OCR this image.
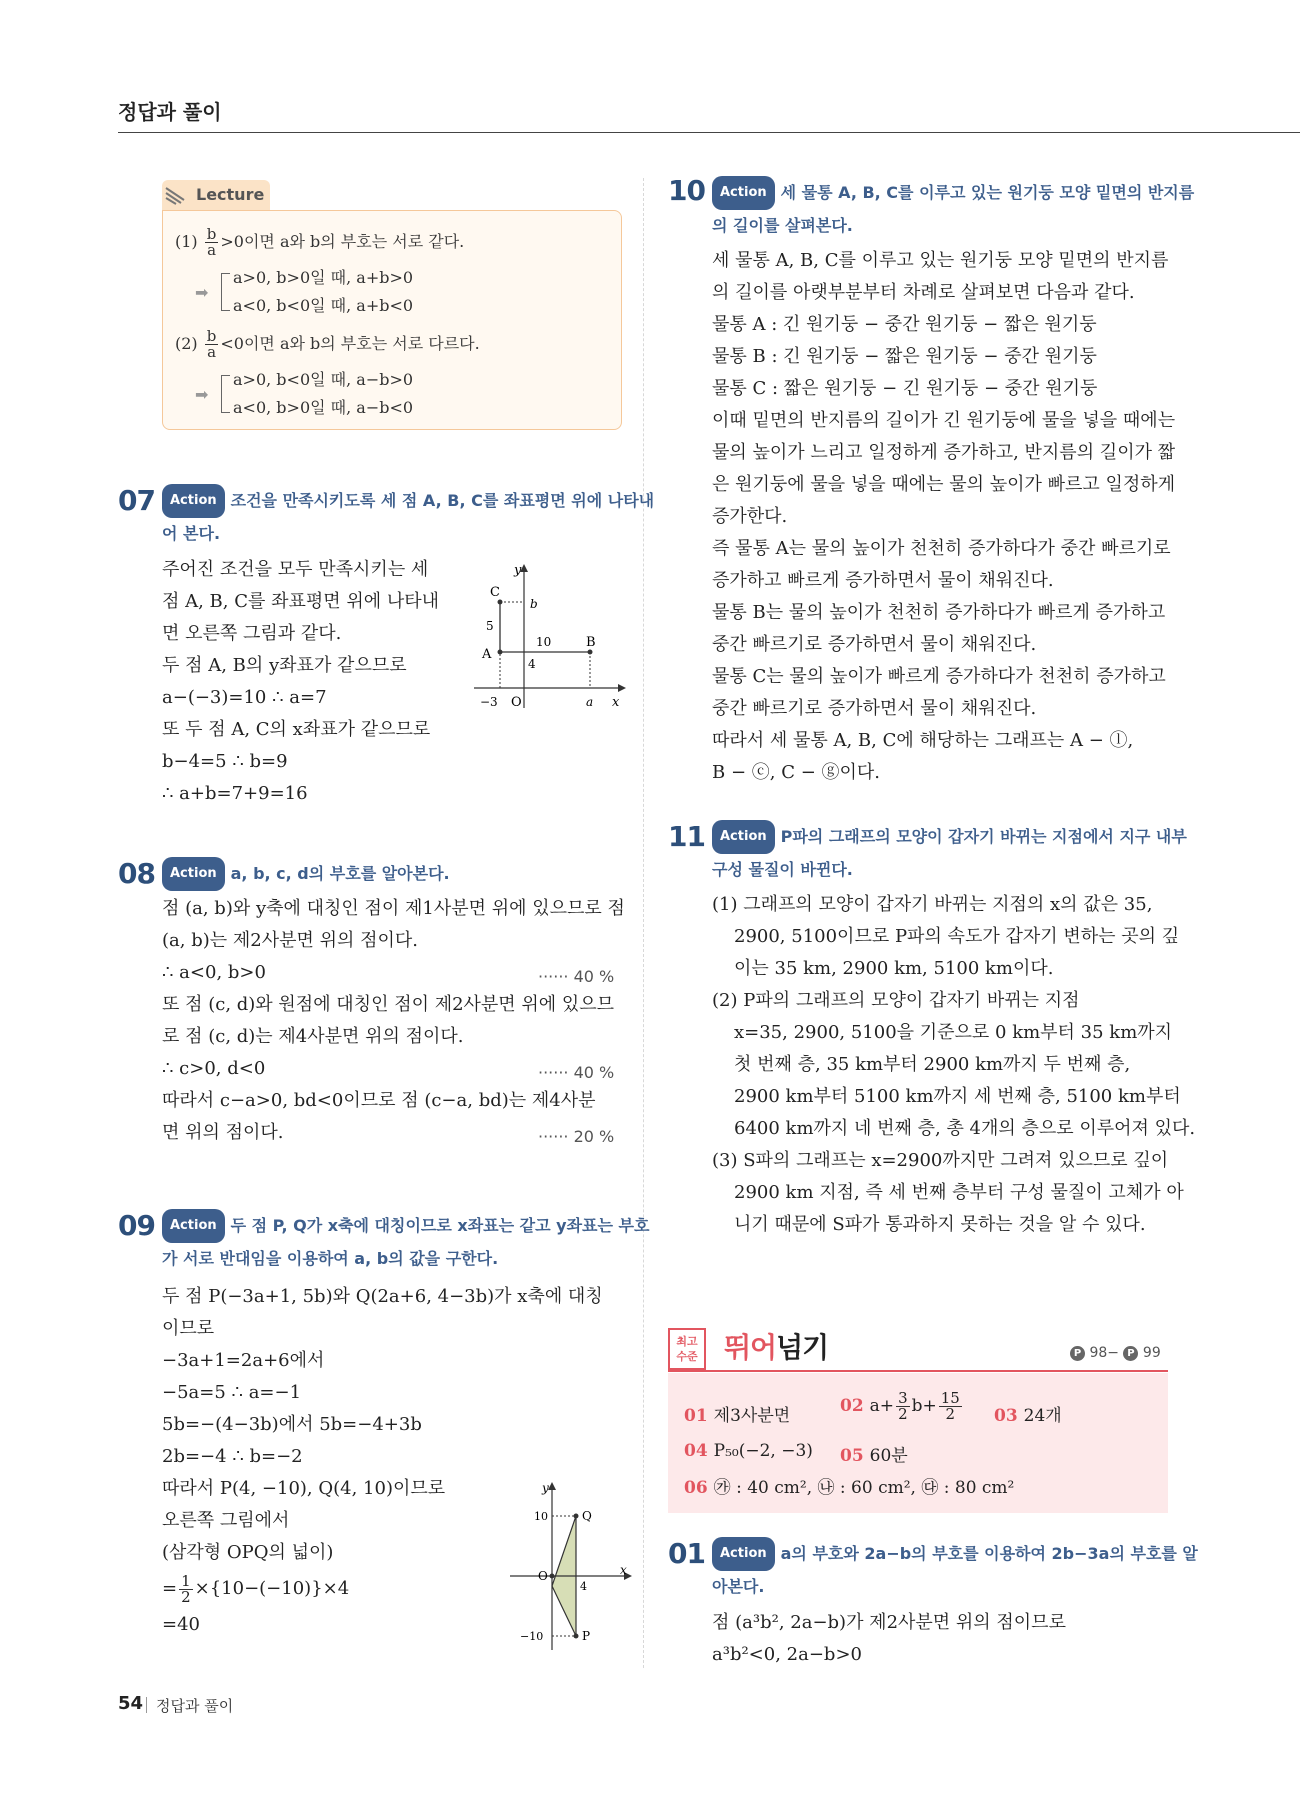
정답과 풀이
Lecture
$(1) \frac{b}{a} >0$이면 a와 b의 부호는 서로 같다.
➡
a>0, b>0일 때, a+b>0
a<0, b<0일 때, a+b<0
$(2) \frac{b}{a} <0$이면 a와 b의 부호는 서로 다르다.
➡
a>0, b<0일 때, a−b>0
a<0, b>0일 때, a−b<0
07	Action 조건을 만족시키도록 세 점 A, B, C를 좌표평면 위에 나타내
어 본다.
주어진 조건을 모두 만족시키는 세
점 A, B, C를 좌표평면 위에 나타내
면 오른쪽 그림과 같다.
두 점 A, B의 y좌표가 같으므로
a−(−3)=10 ∴ a=7
또 두 점 A, C의 x좌표가 같으므로
b−4=5 ∴ b=9
∴ a+b=7+9=16
y
x
O
C
A
B
b
5
10
4
−3	a
08	Action a, b, c, d의 부호를 알아본다.
점 (a, b)와 y축에 대칭인 점이 제1사분면 위에 있으므로 점
(a, b)는 제2사분면 위의 점이다.
∴ a<0, b>0
또 점 (c, d)와 원점에 대칭인 점이 제2사분면 위에 있으므
로 점 (c, d)는 제4사분면 위의 점이다.
∴ c>0, d<0
따라서 c−a>0, bd<0이므로 점 (c−a, bd)는 제4사분
면 위의 점이다.
······ 40 %
······ 40 %
······ 20 %
09	Action 두 점 P, Q가 x축에 대칭이므로 x좌표는 같고 y좌표는 부호
가 서로 반대임을 이용하여 a, b의 값을 구한다.
두 점 P(−3a+1, 5b)와 Q(2a+6, 4−3b)가 x축에 대칭
이므로
−3a+1=2a+6에서
−5a=5 ∴ a=−1
5b=−(4−3b)에서 5b=−4+3b
2b=−4 ∴ b=−2
따라서 P(4, −10), Q(4, 10)이므로
오른쪽 그림에서
(삼각형 OPQ의 넓이)
= $\frac{1}{2} \times\{10-(-10)\}\times 4$
=40
y
x
O
Q
P
10
−10
4
10	Action 세 물통 A, B, C를 이루고 있는 원기둥 모양 밑면의 반지름
의 길이를 살펴본다.
세 물통 A, B, C를 이루고 있는 원기둥 모양 밑면의 반지름
의 길이를 아랫부분부터 차례로 살펴보면 다음과 같다.
물통 A : 긴 원기둥 − 중간 원기둥 − 짧은 원기둥
물통 B : 긴 원기둥 − 짧은 원기둥 − 중간 원기둥
물통 C : 짧은 원기둥 − 긴 원기둥 − 중간 원기둥
이때 밑면의 반지름의 길이가 긴 원기둥에 물을 넣을 때에는
물의 높이가 느리고 일정하게 증가하고, 반지름의 길이가 짧
은 원기둥에 물을 넣을 때에는 물의 높이가 빠르고 일정하게
증가한다.
즉 물통 A는 물의 높이가 천천히 증가하다가 중간 빠르기로
증가하고 빠르게 증가하면서 물이 채워진다.
물통 B는 물의 높이가 천천히 증가하다가 빠르게 증가하고
중간 빠르기로 증가하면서 물이 채워진다.
물통 C는 물의 높이가 빠르게 증가하다가 천천히 증가하고
중간 빠르기로 증가하면서 물이 채워진다.
따라서 세 물통 A, B, C에 해당하는 그래프는 A − ⓛ,
B − ⓒ, C − ⓖ이다.
11	Action P파의 그래프의 모양이 갑자기 바뀌는 지점에서 지구 내부
구성 물질이 바뀐다.
(1) 그래프의 모양이 갑자기 바뀌는 지점의 x의 값은 35,
2900, 5100이므로 P파의 속도가 갑자기 변하는 곳의 깊
이는 35 km, 2900 km, 5100 km이다.
(2) P파의 그래프의 모양이 갑자기 바뀌는 지점
x=35, 2900, 5100을 기준으로 0 km부터 35 km까지
첫 번째 층, 35 km부터 2900 km까지 두 번째 층,
2900 km부터 5100 km까지 세 번째 층, 5100 km부터
6400 km까지 네 번째 층, 총 4개의 층으로 이루어져 있다.
(3) S파의 그래프는 x=2900까지만 그려져 있으므로 깊이
2900 km 지점, 즉 세 번째 층부터 구성 물질이 고체가 아
니기 때문에 S파가 통과하지 못하는 것을 알 수 있다.
최고
수준 뛰어넘기	P 98− P 99
01 제3사분면	02 $a+ \frac{3}{2} b+ \frac{15}{2} 03$ 24개
04 P₅₀(−2, −3) 05 60분
06 ㉮ : 40 cm², ㉯ : 60 cm², ㉰ : 80 cm²
01	Action a의 부호와 2a−b의 부호를 이용하여 2b−3a의 부호를 알
아본다.
점 (a³b², 2a−b)가 제2사분면 위의 점이므로
a³b²<0, 2a−b>0
54 정답과 풀이
